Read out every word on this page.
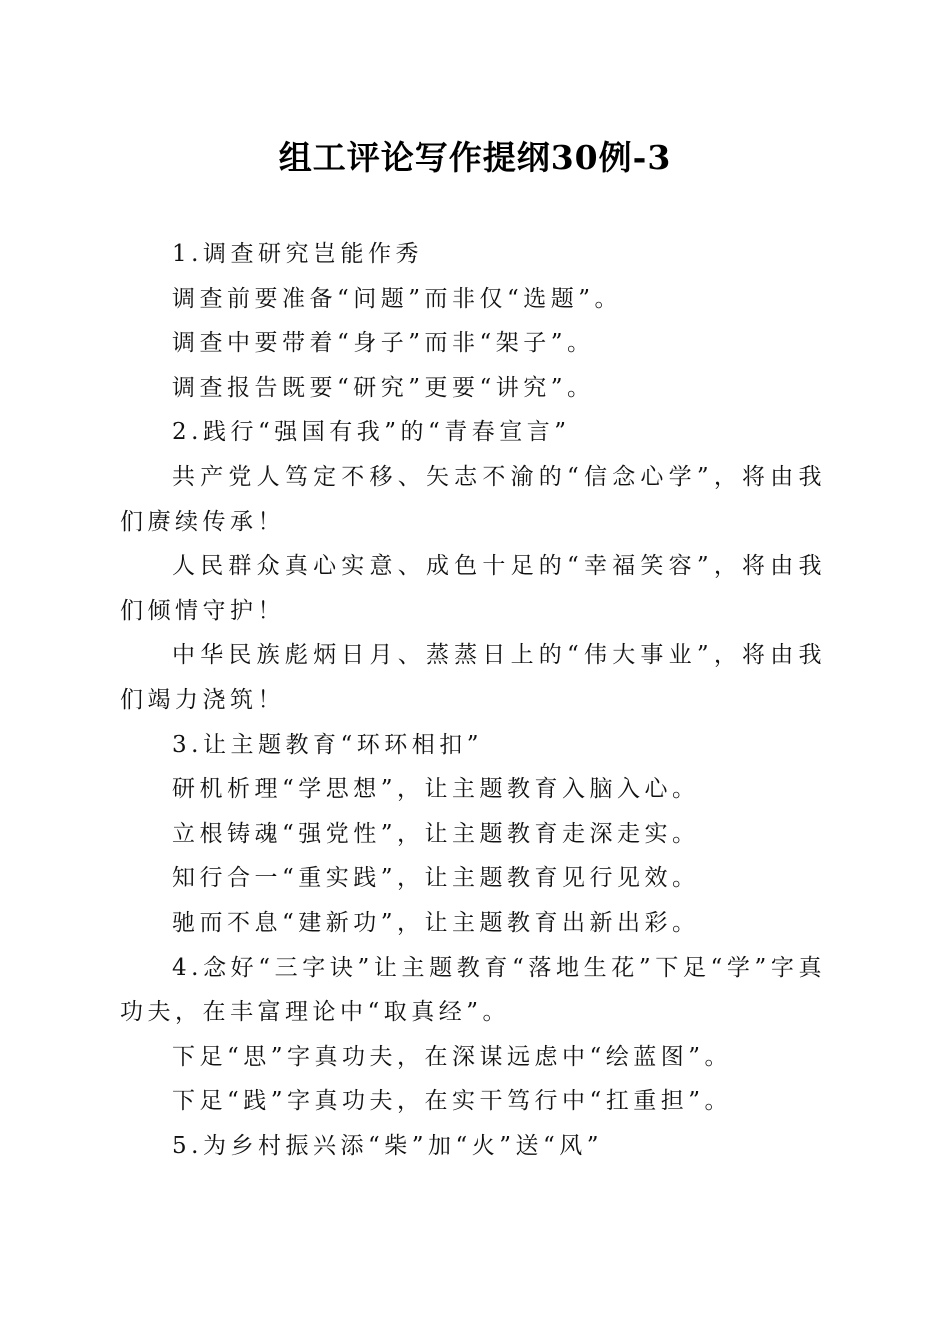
组工评论写作提纲30例-3

1.调查研究岂能作秀

调查前要准备“问题”而非仅“选题”。

调查中要带着“身子”而非“架子”。

调查报告既要“研究”更要“讲究”。

2.践行“强国有我”的“青春宣言”

共产党人笃定不移、矢志不渝的“信念心学”，将由我们赓续传承！

人民群众真心实意、成色十足的“幸福笑容”，将由我们倾情守护！

中华民族彪炳日月、蒸蒸日上的“伟大事业”，将由我们竭力浇筑！

3.让主题教育“环环相扣”

研机析理“学思想”，让主题教育入脑入心。

立根铸魂“强党性”，让主题教育走深走实。

知行合一“重实践”，让主题教育见行见效。

驰而不息“建新功”，让主题教育出新出彩。

4.念好“三字诀”让主题教育“落地生花”下足“学”字真功夫，在丰富理论中“取真经”。

下足“思”字真功夫，在深谋远虑中“绘蓝图”。

下足“践”字真功夫，在实干笃行中“扛重担”。

5.为乡村振兴添“柴”加“火”送“风”
